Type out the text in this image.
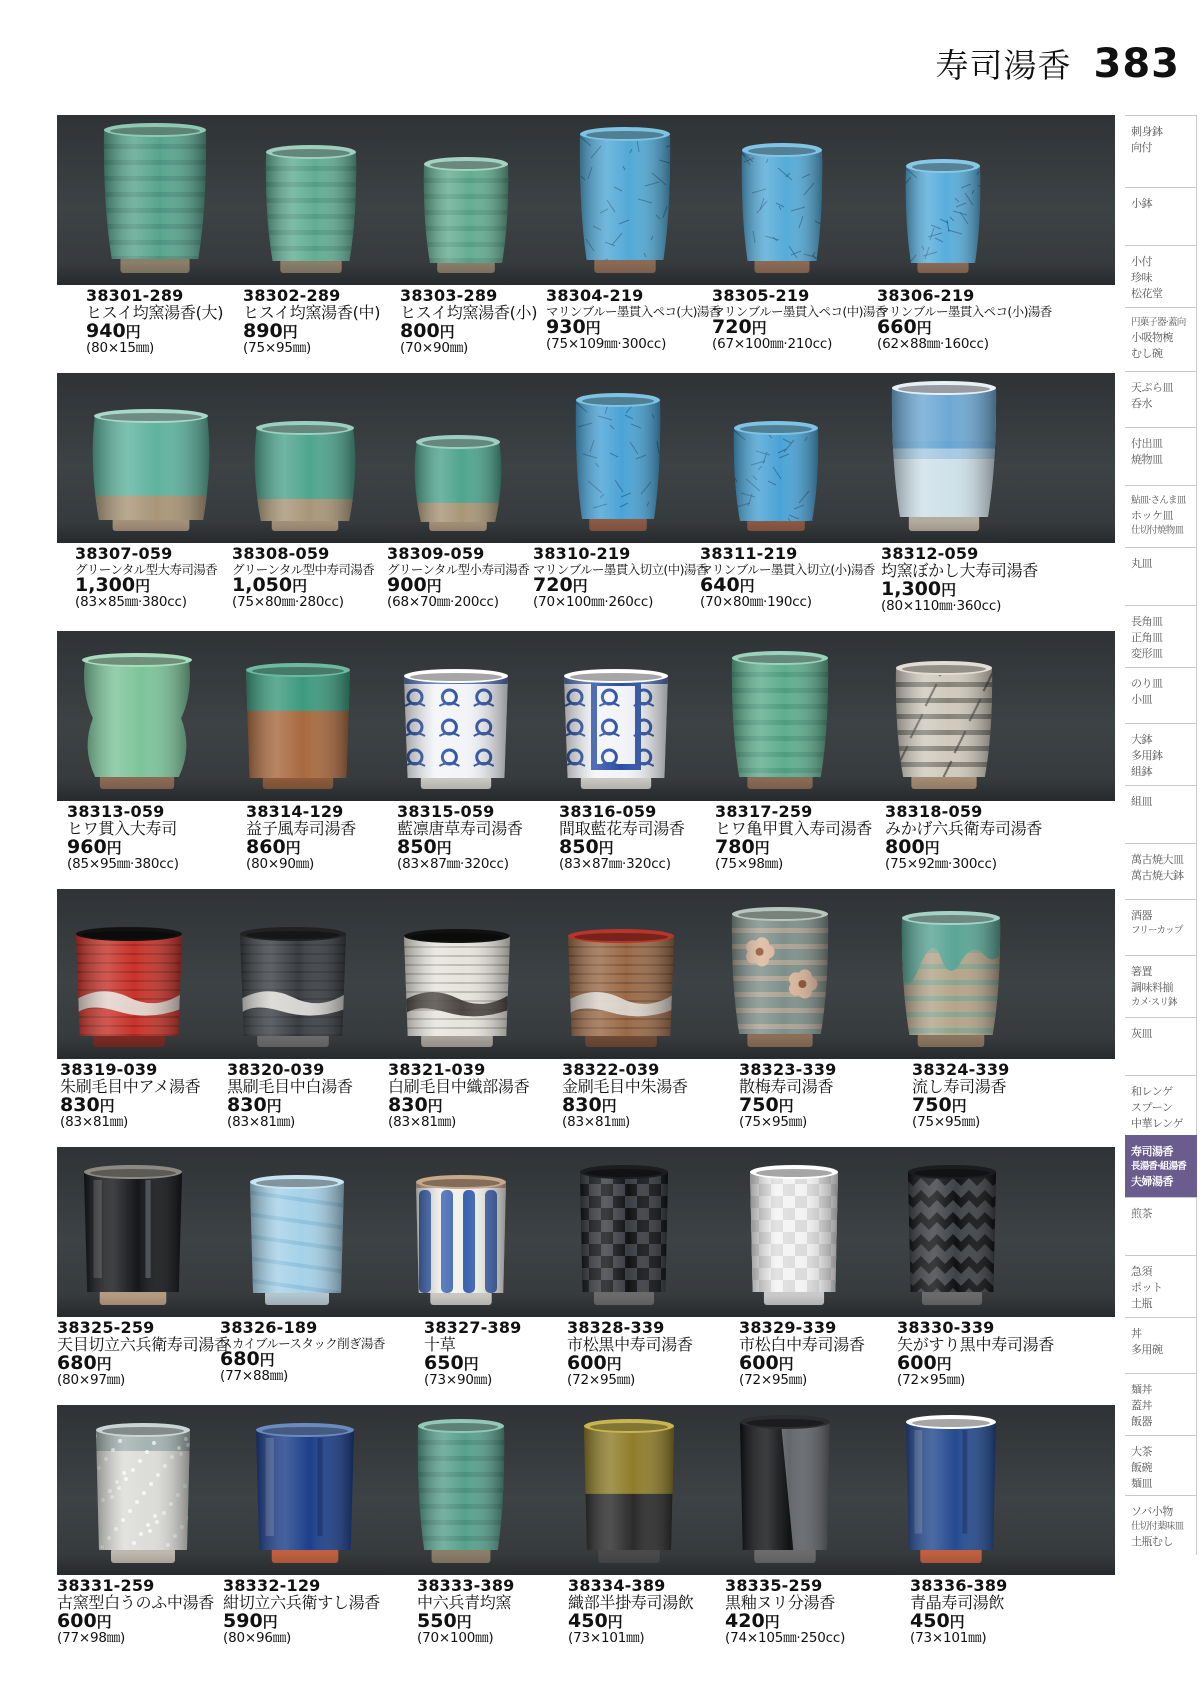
寿司湯香 383
38301-289
ヒスイ均窯湯香(大)
940円
(80×15㎜)
38302-289
ヒスイ均窯湯香(中)
890円
(75×95㎜)
38303-289
ヒスイ均窯湯香(小)
800円
(70×90㎜)
38304-219
マリンブルー墨貫入ペコ(大)湯香
930円
(75×109㎜·300cc)
38305-219
マリンブルー墨貫入ペコ(中)湯香
720円
(67×100㎜·210cc)
38306-219
マリンブルー墨貫入ペコ(小)湯香
660円
(62×88㎜·160cc)
38307-059
グリーンタル型大寿司湯香
1,300円
(83×85㎜·380cc)
38308-059
グリーンタル型中寿司湯香
1,050円
(75×80㎜·280cc)
38309-059
グリーンタル型小寿司湯香
900円
(68×70㎜·200cc)
38310-219
マリンブルー墨貫入切立(中)湯香
720円
(70×100㎜·260cc)
38311-219
マリンブルー墨貫入切立(小)湯香
640円
(70×80㎜·190cc)
38312-059
均窯ぼかし大寿司湯香
1,300円
(80×110㎜·360cc)
38313-059
ヒワ貫入大寿司
960円
(85×95㎜·380cc)
38314-129
益子風寿司湯香
860円
(80×90㎜)
38315-059
藍凛唐草寿司湯香
850円
(83×87㎜·320cc)
38316-059
間取藍花寿司湯香
850円
(83×87㎜·320cc)
38317-259
ヒワ亀甲貫入寿司湯香
780円
(75×98㎜)
38318-059
みかげ六兵衛寿司湯香
800円
(75×92㎜·300cc)
38319-039
朱刷毛目中アメ湯香
830円
(83×81㎜)
38320-039
黒刷毛目中白湯香
830円
(83×81㎜)
38321-039
白刷毛目中織部湯香
830円
(83×81㎜)
38322-039
金刷毛目中朱湯香
830円
(83×81㎜)
38323-339
散梅寿司湯香
750円
(75×95㎜)
38324-339
流し寿司湯香
750円
(75×95㎜)
38325-259
天目切立六兵衛寿司湯香
680円
(80×97㎜)
38326-189
スカイブルースタック削ぎ湯香
680円
(77×88㎜)
38327-389
十草
650円
(73×90㎜)
38328-339
市松黒中寿司湯香
600円
(72×95㎜)
38329-339
市松白中寿司湯香
600円
(72×95㎜)
38330-339
矢がすり黒中寿司湯香
600円
(72×95㎜)
38331-259
古窯型白うのふ中湯香
600円
(77×98㎜)
38332-129
紺切立六兵衛すし湯香
590円
(80×96㎜)
38333-389
中六兵青均窯
550円
(70×100㎜)
38334-389
織部半掛寿司湯飲
450円
(73×101㎜)
38335-259
黒釉ヌリ分湯香
420円
(74×105㎜·250cc)
38336-389
青晶寿司湯飲
450円
(73×101㎜)
刺身鉢
向付
小鉢
小付
珍味
松花堂
円菓子器·蓋向
小吸物椀
むし碗
天ぷら皿
呑水
付出皿
焼物皿
鮎皿·さんま皿
ホッケ皿
仕切付焼物皿
丸皿
長角皿
正角皿
変形皿
のり皿
小皿
大鉢
多用鉢
組鉢
組皿
萬古焼大皿
萬古焼大鉢
酒器
フリーカップ
箸置
調味料揃
カメ·スリ鉢
灰皿
和レンゲ
スプーン
中華レンゲ
寿司湯香
長湯香·組湯香
夫婦湯香
煎茶
急須
ポット
土瓶
丼
多用碗
麺丼
蓋丼
飯器
大茶
飯碗
麺皿
ソバ小物
仕切付薬味皿
土瓶むし
